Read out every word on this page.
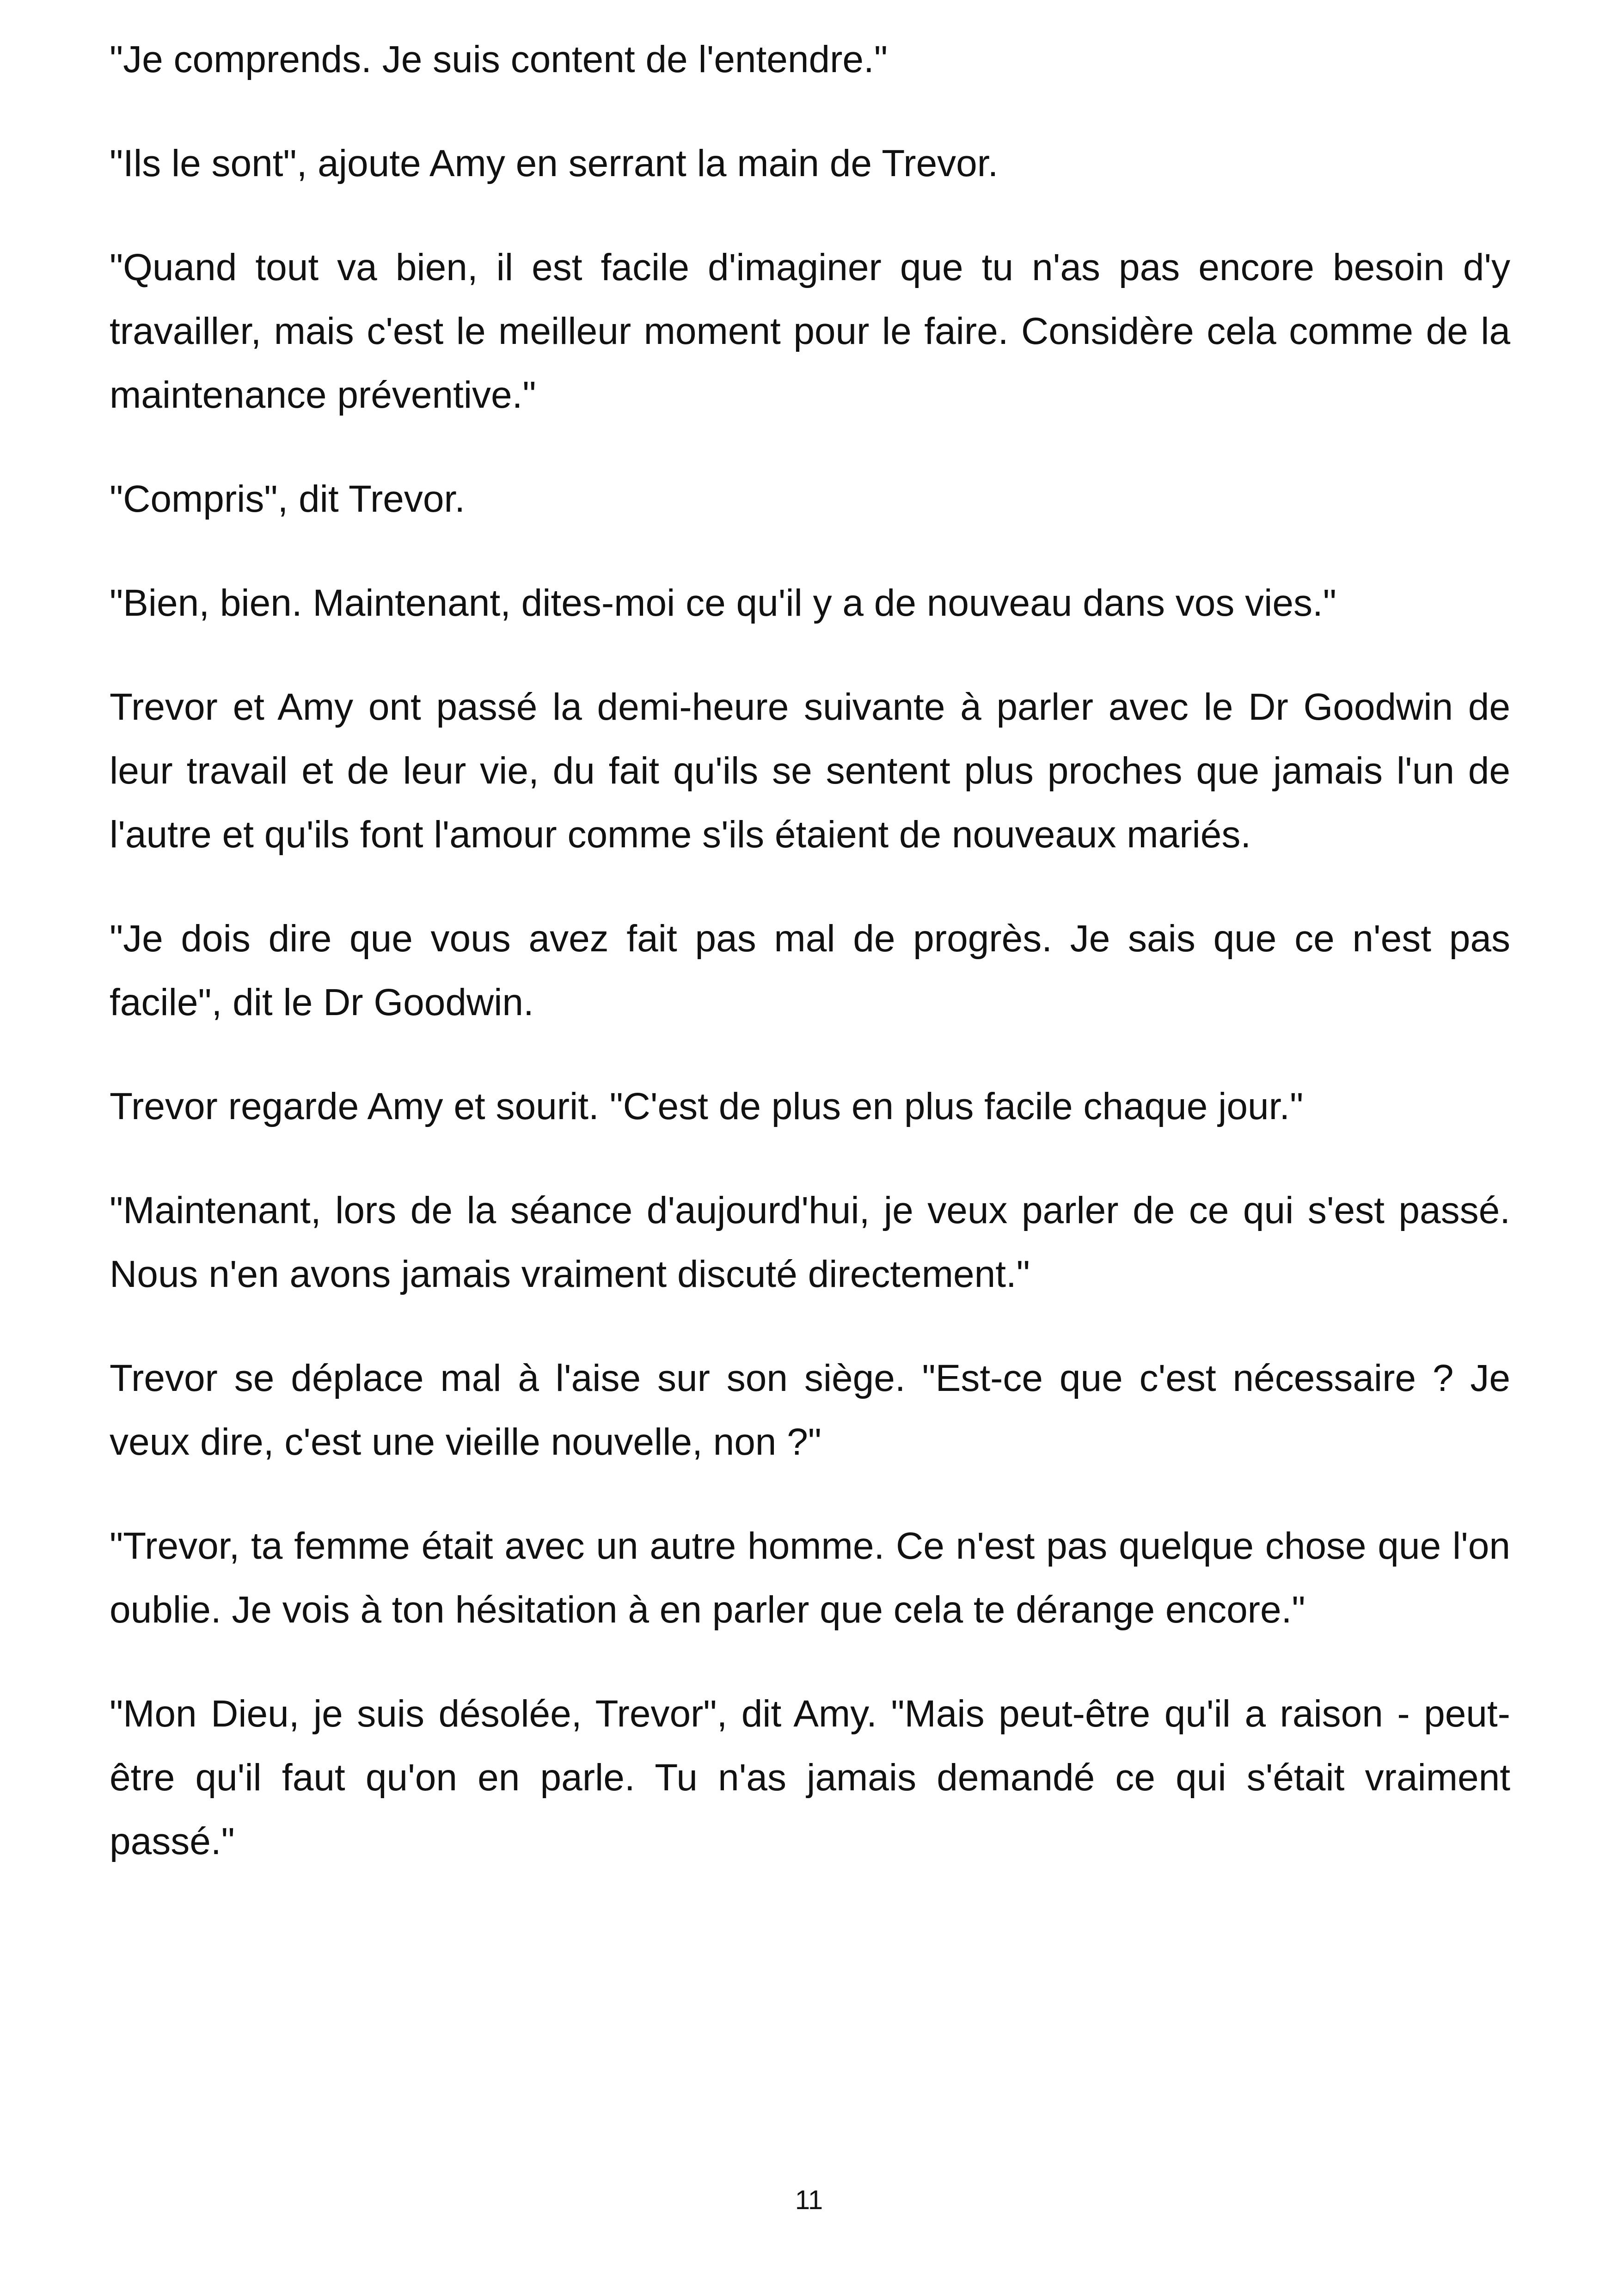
"Je comprends. Je suis content de l'entendre."

"Ils le sont", ajoute Amy en serrant la main de Trevor.

"Quand tout va bien, il est facile d'imaginer que tu n'as pas encore besoin d'y travailler, mais c'est le meilleur moment pour le faire. Considère cela comme de la maintenance préventive."

"Compris", dit Trevor.

"Bien, bien. Maintenant, dites-moi ce qu'il y a de nouveau dans vos vies."

Trevor et Amy ont passé la demi-heure suivante à parler avec le Dr Goodwin de leur travail et de leur vie, du fait qu'ils se sentent plus proches que jamais l'un de l'autre et qu'ils font l'amour comme s'ils étaient de nouveaux mariés.

"Je dois dire que vous avez fait pas mal de progrès. Je sais que ce n'est pas facile", dit le Dr Goodwin.

Trevor regarde Amy et sourit. "C'est de plus en plus facile chaque jour."

"Maintenant, lors de la séance d'aujourd'hui, je veux parler de ce qui s'est passé. Nous n'en avons jamais vraiment discuté directement."

Trevor se déplace mal à l'aise sur son siège. "Est-ce que c'est nécessaire ? Je veux dire, c'est une vieille nouvelle, non ?"

"Trevor, ta femme était avec un autre homme. Ce n'est pas quelque chose que l'on oublie. Je vois à ton hésitation à en parler que cela te dérange encore."

"Mon Dieu, je suis désolée, Trevor", dit Amy. "Mais peut-être qu'il a raison - peut-être qu'il faut qu'on en parle. Tu n'as jamais demandé ce qui s'était vraiment passé."

11
